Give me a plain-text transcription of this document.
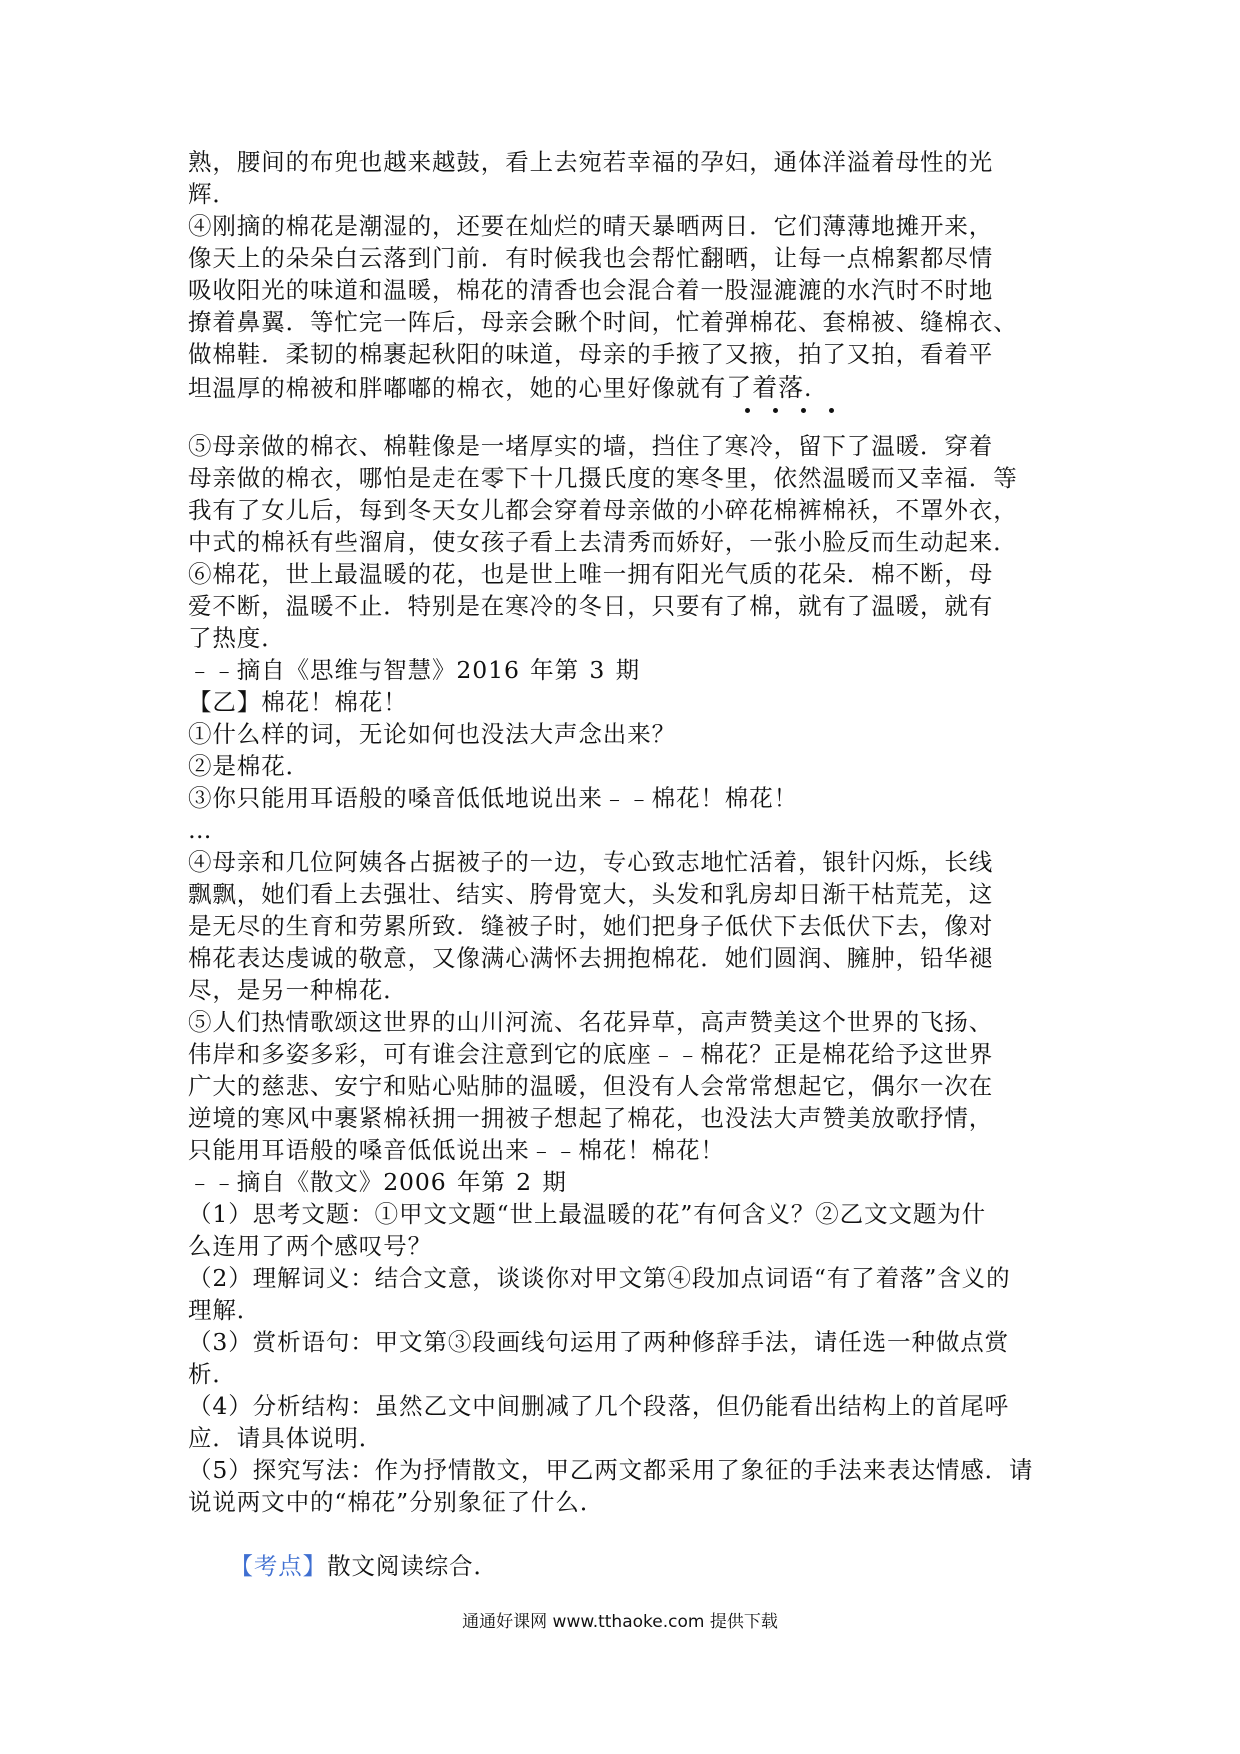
熟，腰间的布兜也越来越鼓，看上去宛若幸福的孕妇，通体洋溢着母性的光
辉．
④刚摘的棉花是潮湿的，还要在灿烂的晴天暴晒两日．它们薄薄地摊开来，
像天上的朵朵白云落到门前．有时候我也会帮忙翻晒，让每一点棉絮都尽情
吸收阳光的味道和温暖，棉花的清香也会混合着一股湿漉漉的水汽时不时地
撩着鼻翼．等忙完一阵后，母亲会瞅个时间，忙着弹棉花、套棉被、缝棉衣、
做棉鞋．柔韧的棉裹起秋阳的味道，母亲的手掖了又掖，拍了又拍，看着平
坦温厚的棉被和胖嘟嘟的棉衣，她的心里好像就有了着落.
⑤母亲做的棉衣、棉鞋像是一堵厚实的墙，挡住了寒冷，留下了温暖．穿着
母亲做的棉衣，哪怕是走在零下十几摄氏度的寒冬里，依然温暖而又幸福．等
我有了女儿后，每到冬天女儿都会穿着母亲做的小碎花棉裤棉袄，不罩外衣，
中式的棉袄有些溜肩，使女孩子看上去清秀而娇好，一张小脸反而生动起来．
⑥棉花，世上最温暖的花，也是世上唯一拥有阳光气质的花朵．棉不断，母
爱不断，温暖不止．特别是在寒冷的冬日，只要有了棉，就有了温暖，就有
了热度．
﹣﹣摘自《思维与智慧》2016 年第 3 期
【乙】棉花！棉花！
①什么样的词，无论如何也没法大声念出来？
②是棉花．
③你只能用耳语般的嗓音低低地说出来﹣﹣棉花！棉花！
…
④母亲和几位阿姨各占据被子的一边，专心致志地忙活着，银针闪烁，长线
飘飘，她们看上去强壮、结实、胯骨宽大，头发和乳房却日渐干枯荒芜，这
是无尽的生育和劳累所致．缝被子时，她们把身子低伏下去低伏下去，像对
棉花表达虔诚的敬意，又像满心满怀去拥抱棉花．她们圆润、臃肿，铅华褪
尽，是另一种棉花．
⑤人们热情歌颂这世界的山川河流、名花异草，高声赞美这个世界的飞扬、
伟岸和多姿多彩，可有谁会注意到它的底座﹣﹣棉花？正是棉花给予这世界
广大的慈悲、安宁和贴心贴肺的温暖，但没有人会常常想起它，偶尔一次在
逆境的寒风中裹紧棉袄拥一拥被子想起了棉花，也没法大声赞美放歌抒情，
只能用耳语般的嗓音低低说出来﹣﹣棉花！棉花！
﹣﹣摘自《散文》2006 年第 2 期
（1）思考文题：①甲文文题“世上最温暖的花”有何含义？②乙文文题为什
么连用了两个感叹号？
（2）理解词义：结合文意，谈谈你对甲文第④段加点词语“有了着落”含义的
理解．
（3）赏析语句：甲文第③段画线句运用了两种修辞手法，请任选一种做点赏
析．
（4）分析结构：虽然乙文中间删减了几个段落，但仍能看出结构上的首尾呼
应．请具体说明．
（5）探究写法：作为抒情散文，甲乙两文都采用了象征的手法来表达情感．请
说说两文中的“棉花”分别象征了什么．

【考点】散文阅读综合．

通通好课网 www.tthaoke.com 提供下载
